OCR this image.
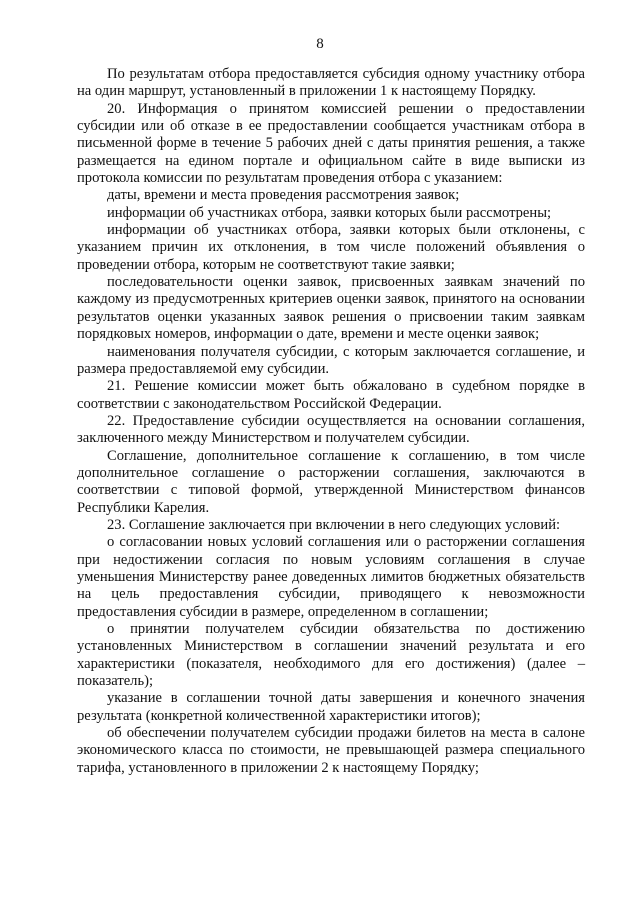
8

По результатам отбора предоставляется субсидия одному участнику отбора на один маршрут, установленный в приложении 1 к настоящему Порядку.

20. Информация о принятом комиссией решении о предоставлении субсидии или об отказе в ее предоставлении сообщается участникам отбора в письменной форме в течение 5 рабочих дней с даты принятия решения, а также размещается на едином портале и официальном сайте в виде выписки из протокола комиссии по результатам проведения отбора с указанием:

даты, времени и места проведения рассмотрения заявок;

информации об участниках отбора, заявки которых были рассмотрены;

информации об участниках отбора, заявки которых были отклонены, с указанием причин их отклонения, в том числе положений объявления о проведении отбора, которым не соответствуют такие заявки;

последовательности оценки заявок, присвоенных заявкам значений по каждому из предусмотренных критериев оценки заявок, принятого на основании результатов оценки указанных заявок решения о присвоении таким заявкам порядковых номеров, информации о дате, времени и месте оценки заявок;

наименования получателя субсидии, с которым заключается соглашение, и размера предоставляемой ему субсидии.

21. Решение комиссии может быть обжаловано в судебном порядке в соответствии с законодательством Российской Федерации.

22. Предоставление субсидии осуществляется на основании соглашения, заключенного между Министерством и получателем субсидии.

Соглашение, дополнительное соглашение к соглашению, в том числе дополнительное соглашение о расторжении соглашения, заключаются в соответствии с типовой формой, утвержденной Министерством финансов Республики Карелия.

23. Соглашение заключается при включении в него следующих условий:

о согласовании новых условий соглашения или о расторжении соглашения при недостижении согласия по новым условиям соглашения в случае уменьшения Министерству ранее доведенных лимитов бюджетных обязательств на цель предоставления субсидии, приводящего к невозможности предоставления субсидии в размере, определенном в соглашении;

о принятии получателем субсидии обязательства по достижению установленных Министерством в соглашении значений результата и его характеристики (показателя, необходимого для его достижения) (далее – показатель);

указание в соглашении точной даты завершения и конечного значения результата (конкретной количественной характеристики итогов);

об обеспечении получателем субсидии продажи билетов на места в салоне экономического класса по стоимости, не превышающей размера специального тарифа, установленного в приложении 2 к настоящему Порядку;
